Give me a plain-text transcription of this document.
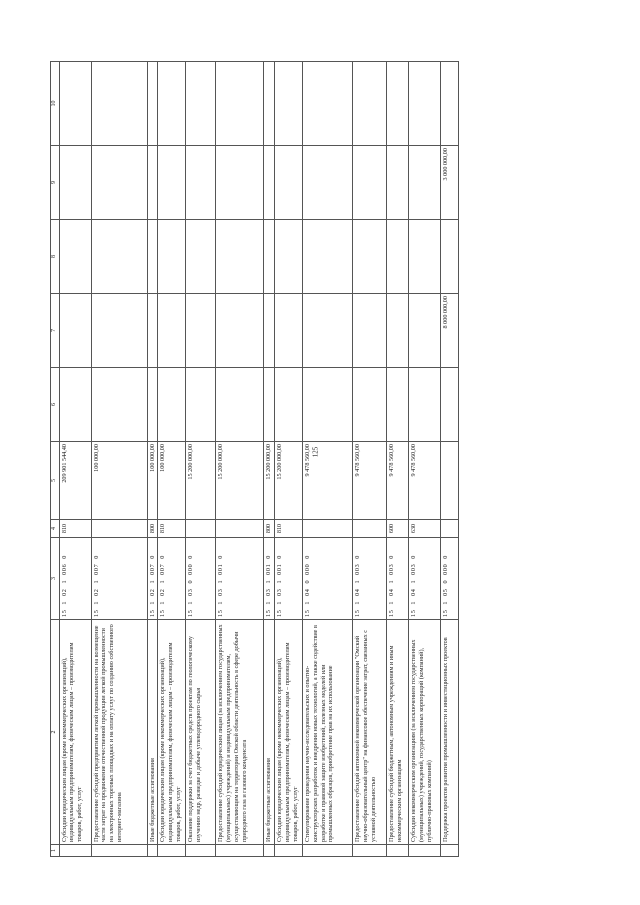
125
1	2	3	4	5	6	7	8	9	10
	Субсидии юридическим лицам (кроме некоммерческих организаций), индивидуальным предпринимателям, физическим лицам – производителям товаров, работ, услуг	1510210060	810	209 901 544,40					
	Предоставление субсидий предприятиям легкой промышленности на возмещение части затрат на продвижение отечественной продукции легкой промышленности на электронных торговых площадках и на оплату услуг по созданию собственного интернет-магазина	1510210070		100 000,00					
	Иные бюджетные ассигнования	1510210070	800	100 000,00					
	Субсидии юридическим лицам (кроме некоммерческих организаций), индивидуальным предпринимателям, физическим лицам – производителям товаров, работ, услуг	1510210070	810	100 000,00					
	Оказание поддержки за счет бюджетных средств проектам по геологическому изучению недр, разведке и добыче углеводородного сырья	1510300000		15 200 000,00					
	Предоставление субсидий юридическим лицам (за исключением государственных (муниципальных) учреждений) и индивидуальным предпринимателям, осуществляющим на территории Омской области деятельность в сфере добычи природного газа и газового конденсата	1510310010		15 200 000,00					
	Иные бюджетные ассигнования	1510310010	800	15 200 000,00					
	Субсидии юридическим лицам (кроме некоммерческих организаций), индивидуальным предпринимателям, физическим лицам – производителям товаров, работ, услуг	1510310010	810	15 200 000,00					
	Стимулирование проведения научно-исследовательских и опытно-конструкторских разработок и внедрения новых технологий, а также содействие в разработке и правовой защите изобретений, полезных моделей или промышленных образцов, приобретение прав на их использование	1510400000		9 478 560,00					
	Предоставление субсидий автономной некоммерческой организации "Омский научно-образовательный центр" на финансовое обеспечение затрат, связанных с уставной деятельностью	1510410030		9 478 560,00					
	Предоставление субсидий бюджетным, автономным учреждениям и иным некоммерческим организациям	1510410030	600	9 478 560,00					
	Субсидии некоммерческим организациям (за исключением государственных (муниципальных) учреждений, государственных корпораций (компаний), публично-правовых компаний)	1510410030	630	9 478 560,00					
	Поддержка проектов развития промышленности и инвестиционных проектов	1510500000				8 000 000,00		3 000 000,00	
